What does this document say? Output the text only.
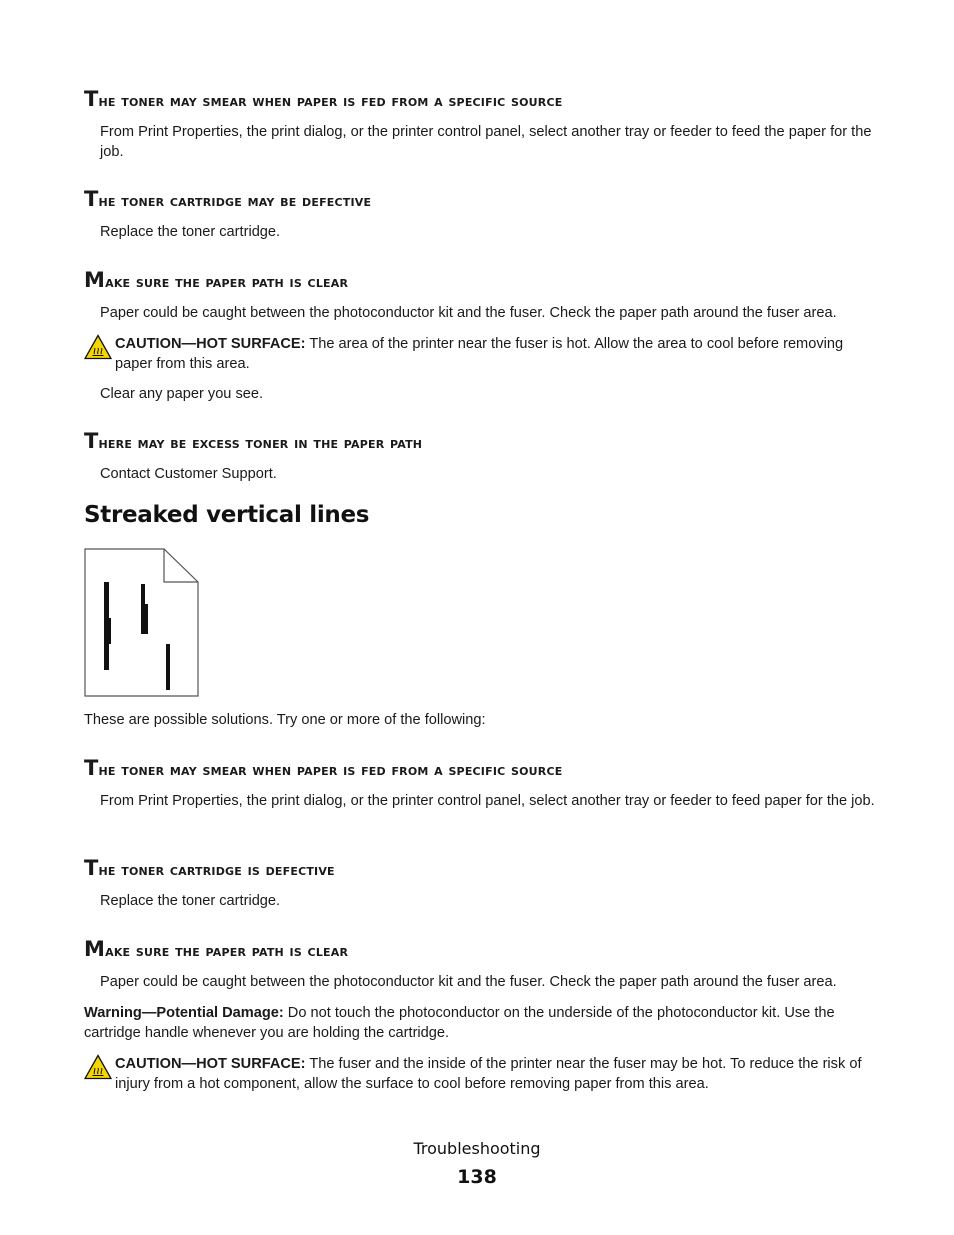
The toner may smear when paper is fed from a specific source
From Print Properties, the print dialog, or the printer control panel, select another tray or feeder to feed the paper for the job.
The toner cartridge may be defective
Replace the toner cartridge.
Make sure the paper path is clear
Paper could be caught between the photoconductor kit and the fuser. Check the paper path around the fuser area.
CAUTION—HOT SURFACE: The area of the printer near the fuser is hot. Allow the area to cool before removing paper from this area.
Clear any paper you see.
There may be excess toner in the paper path
Contact Customer Support.
Streaked vertical lines
These are possible solutions. Try one or more of the following:
The toner may smear when paper is fed from a specific source
From Print Properties, the print dialog, or the printer control panel, select another tray or feeder to feed paper for the job.
The toner cartridge is defective
Replace the toner cartridge.
Make sure the paper path is clear
Paper could be caught between the photoconductor kit and the fuser. Check the paper path around the fuser area.
Warning—Potential Damage: Do not touch the photoconductor on the underside of the photoconductor kit. Use the cartridge handle whenever you are holding the cartridge.
CAUTION—HOT SURFACE: The fuser and the inside of the printer near the fuser may be hot. To reduce the risk of injury from a hot component, allow the surface to cool before removing paper from this area.
Troubleshooting
138
